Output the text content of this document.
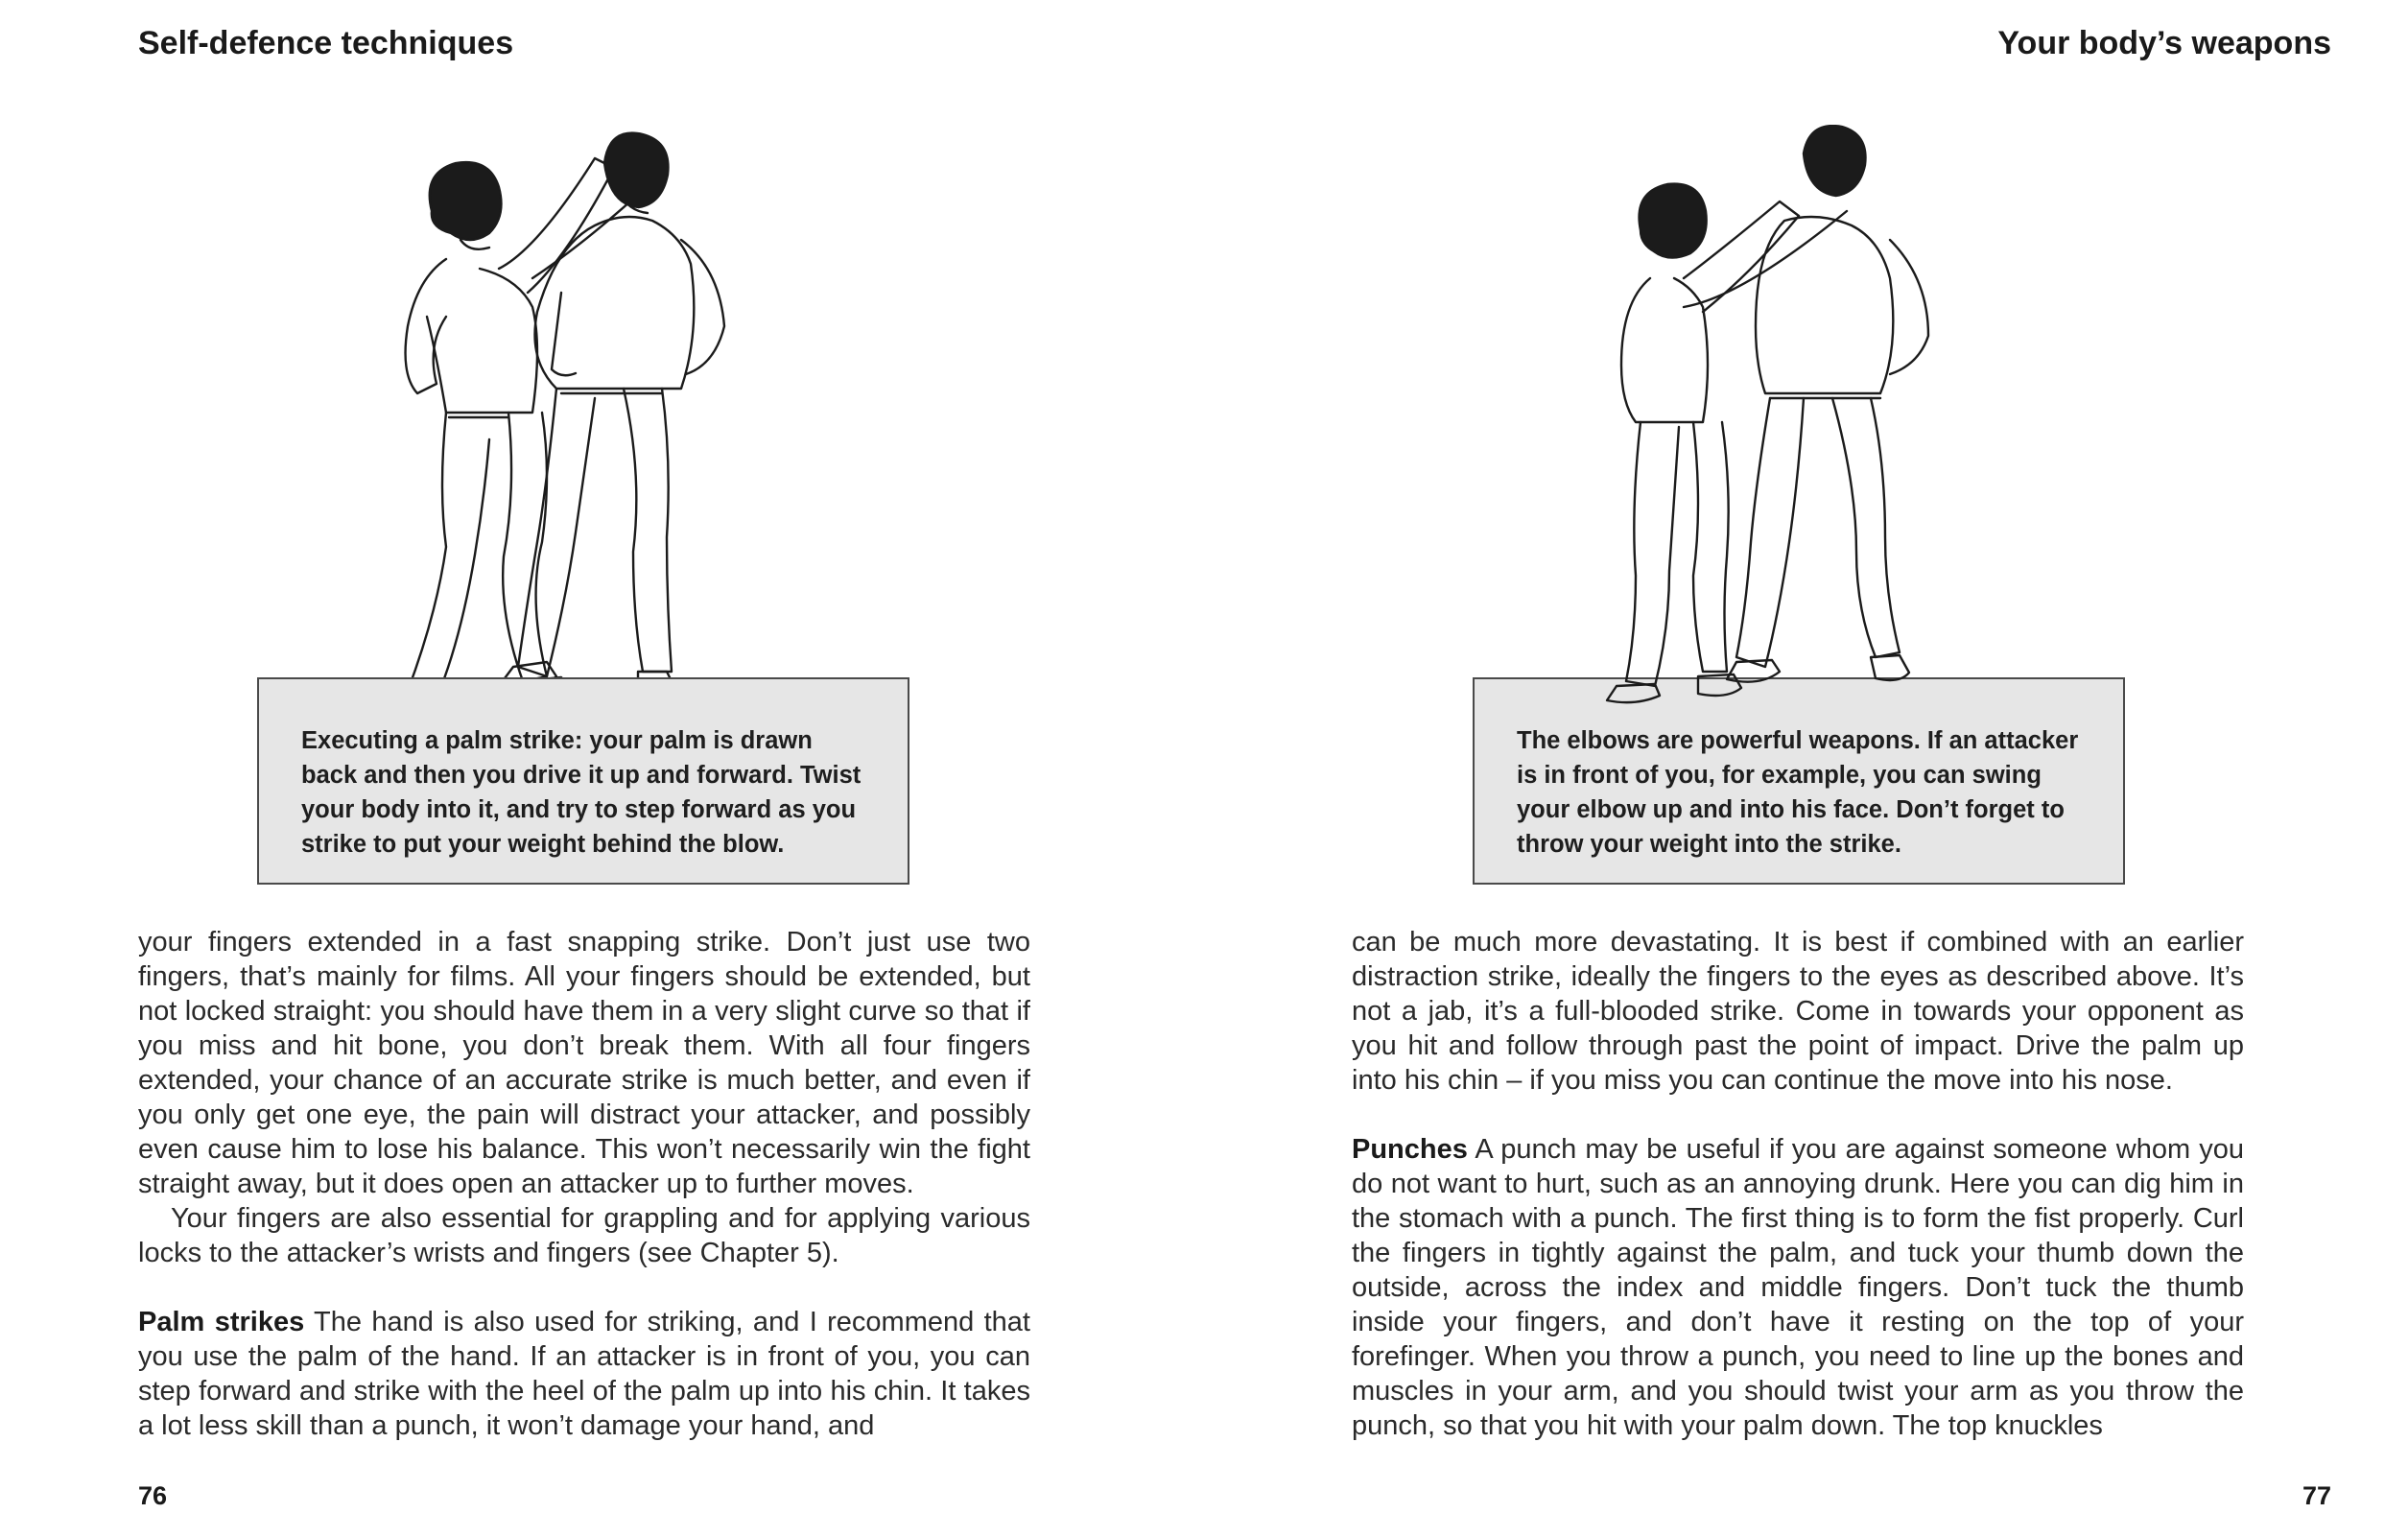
Self-defence techniques
Executing a palm strike: your palm is drawn back and then you drive it up and forward. Twist your body into it, and try to step forward as you strike to put your weight behind the blow.

your fingers extended in a fast snapping strike. Don’t just use two fingers, that’s mainly for films. All your fingers should be extended, but not locked straight: you should have them in a very slight curve so that if you miss and hit bone, you don’t break them. With all four fingers extended, your chance of an accurate strike is much better, and even if you only get one eye, the pain will distract your attacker, and possibly even cause him to lose his balance. This won’t necessarily win the fight straight away, but it does open an attacker up to further moves.

Your fingers are also essential for grappling and for applying various locks to the attacker’s wrists and fingers (see Chapter 5).

Palm strikes The hand is also used for striking, and I recommend that you use the palm of the hand. If an attacker is in front of you, you can step forward and strike with the heel of the palm up into his chin. It takes a lot less skill than a punch, it won’t damage your hand, and

76
Your body’s weapons
The elbows are powerful weapons. If an attacker is in front of you, for example, you can swing your elbow up and into his face. Don’t forget to throw your weight into the strike.

can be much more devastating. It is best if combined with an earlier distraction strike, ideally the fingers to the eyes as described above. It’s not a jab, it’s a full-blooded strike. Come in towards your opponent as you hit and follow through past the point of impact. Drive the palm up into his chin – if you miss you can continue the move into his nose.

Punches A punch may be useful if you are against someone whom you do not want to hurt, such as an annoying drunk. Here you can dig him in the stomach with a punch. The first thing is to form the fist properly. Curl the fingers in tightly against the palm, and tuck your thumb down the outside, across the index and middle fingers. Don’t tuck the thumb inside your fingers, and don’t have it resting on the top of your forefinger. When you throw a punch, you need to line up the bones and muscles in your arm, and you should twist your arm as you throw the punch, so that you hit with your palm down. The top knuckles

77
